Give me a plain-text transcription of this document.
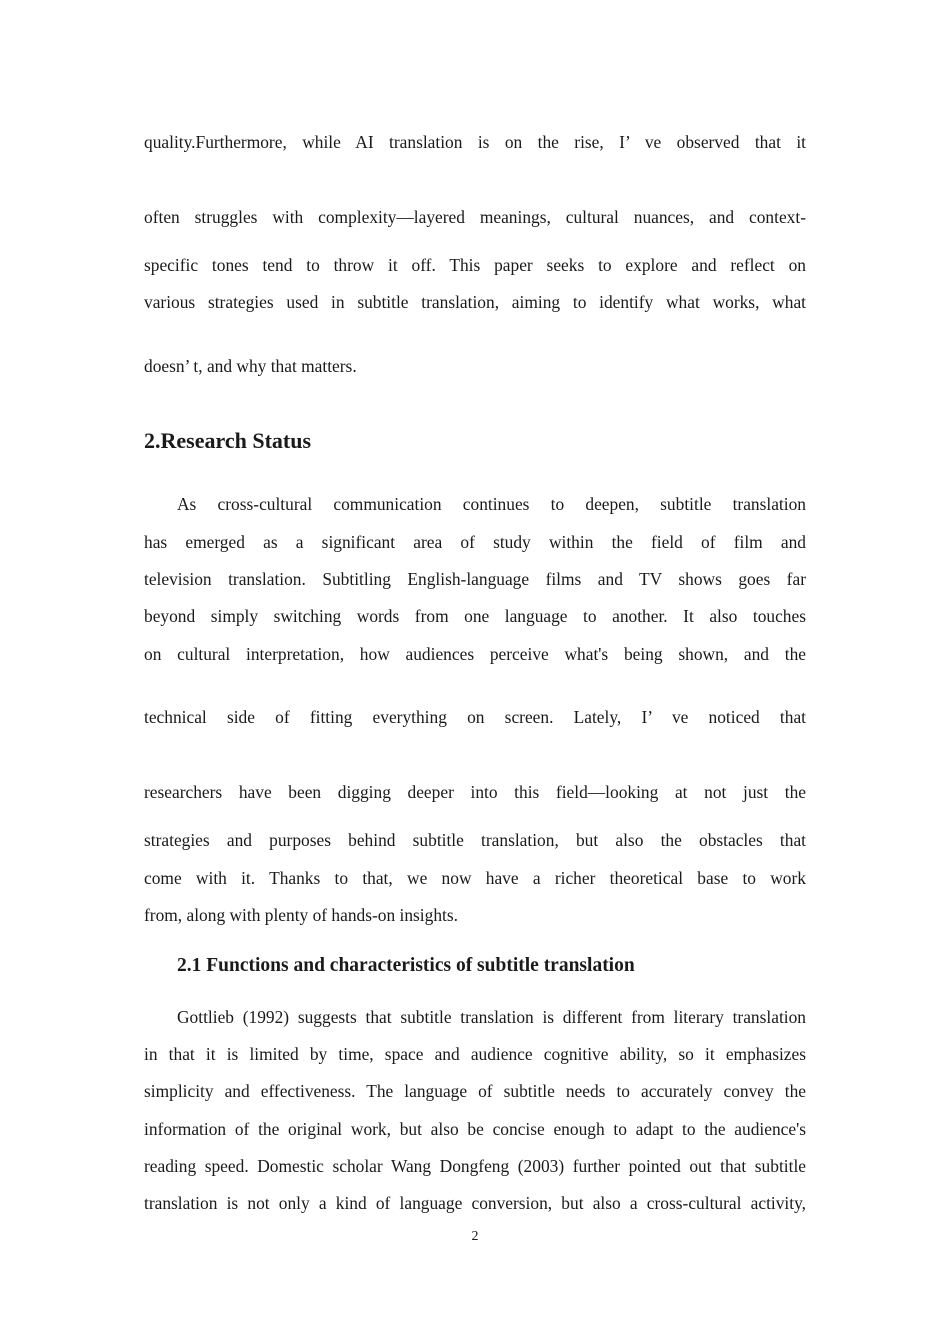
quality.Furthermore, while AI translation is on the rise, I’ ve observed that it
often struggles with complexity—layered meanings, cultural nuances, and context-
specific tones tend to throw it off. This paper seeks to explore and reflect on
various strategies used in subtitle translation, aiming to identify what works, what
doesn’ t, and why that matters.
2.Research Status
As cross-cultural communication continues to deepen, subtitle translation
has emerged as a significant area of study within the field of film and
television translation. Subtitling English-language films and TV shows goes far
beyond simply switching words from one language to another. It also touches
on cultural interpretation, how audiences perceive what's being shown, and the
technical side of fitting everything on screen. Lately, I’ ve noticed that
researchers have been digging deeper into this field—looking at not just the
strategies and purposes behind subtitle translation, but also the obstacles that
come with it. Thanks to that, we now have a richer theoretical base to work
from, along with plenty of hands-on insights.
2.1 Functions and characteristics of subtitle translation
Gottlieb (1992) suggests that subtitle translation is different from literary translation
in that it is limited by time, space and audience cognitive ability, so it emphasizes
simplicity and effectiveness. The language of subtitle needs to accurately convey the
information of the original work, but also be concise enough to adapt to the audience's
reading speed. Domestic scholar Wang Dongfeng (2003) further pointed out that subtitle
translation is not only a kind of language conversion, but also a cross-cultural activity,
2
